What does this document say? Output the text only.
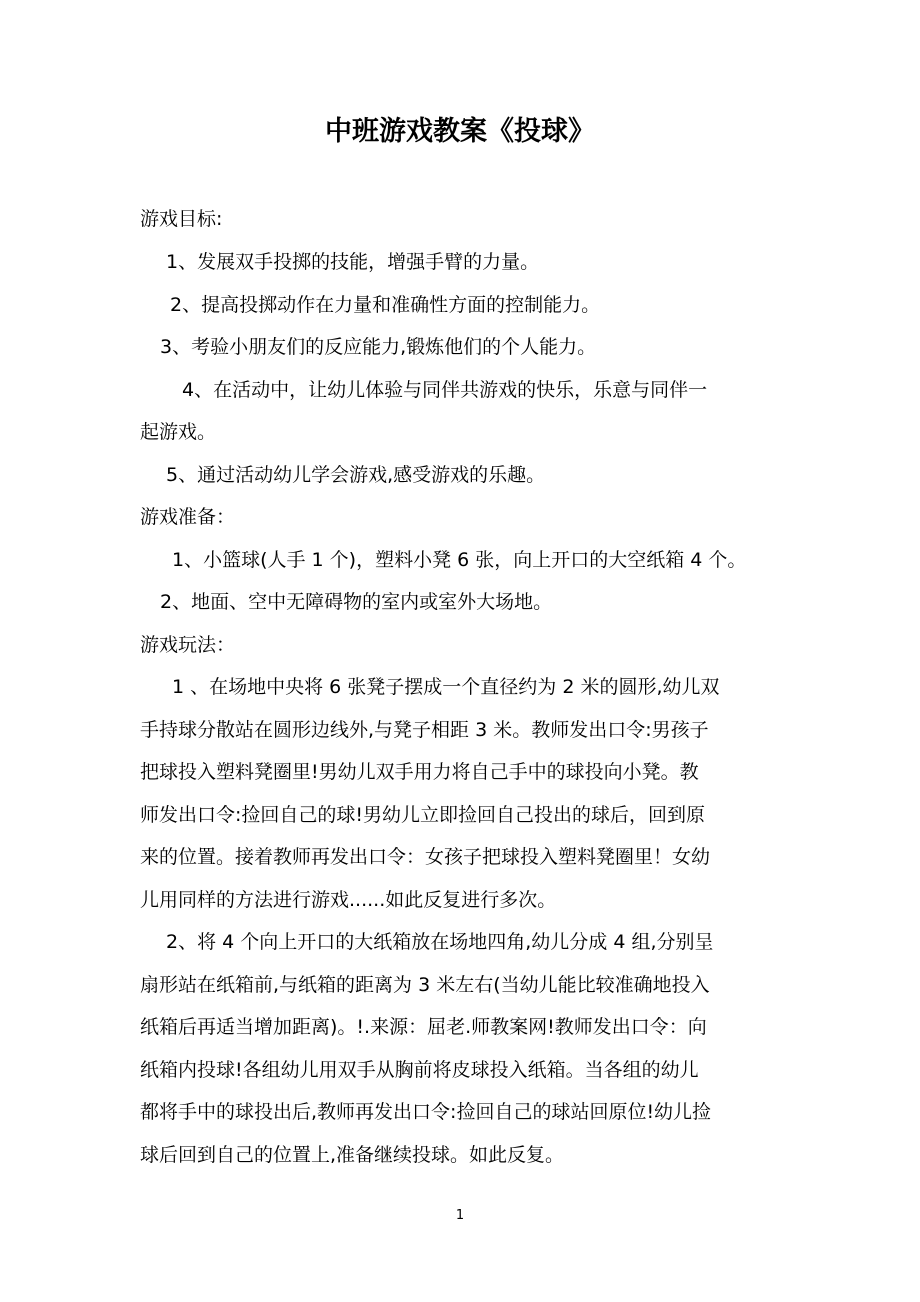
中班游戏教案《投球》
游戏目标:
1、发展双手投掷的技能，增强手臂的力量。
2、提高投掷动作在力量和准确性方面的控制能力。
3、考验小朋友们的反应能力,锻炼他们的个人能力。
4、在活动中，让幼儿体验与同伴共游戏的快乐，乐意与同伴一
起游戏。
5、通过活动幼儿学会游戏,感受游戏的乐趣。
游戏准备：
1、小篮球(人手 1 个)，塑料小凳 6 张，向上开口的大空纸箱 4 个。
2、地面、空中无障碍物的室内或室外大场地。
游戏玩法：
1 、在场地中央将 6 张凳子摆成一个直径约为 2 米的圆形,幼儿双
手持球分散站在圆形边线外,与凳子相距 3 米。教师发出口令:男孩子
把球投入塑料凳圈里!男幼儿双手用力将自己手中的球投向小凳。教
师发出口令:捡回自己的球!男幼儿立即捡回自己投出的球后，回到原
来的位置。接着教师再发出口令：女孩子把球投入塑料凳圈里！女幼
儿用同样的方法进行游戏......如此反复进行多次。
2、将 4 个向上开口的大纸箱放在场地四角,幼儿分成 4 组,分别呈
扇形站在纸箱前,与纸箱的距离为 3 米左右(当幼儿能比较准确地投入
纸箱后再适当增加距离)。!.来源：屈老.师教案网!教师发出口令：向
纸箱内投球!各组幼儿用双手从胸前将皮球投入纸箱。当各组的幼儿
都将手中的球投出后,教师再发出口令:捡回自己的球站回原位!幼儿捡
球后回到自己的位置上,准备继续投球。如此反复。
1
